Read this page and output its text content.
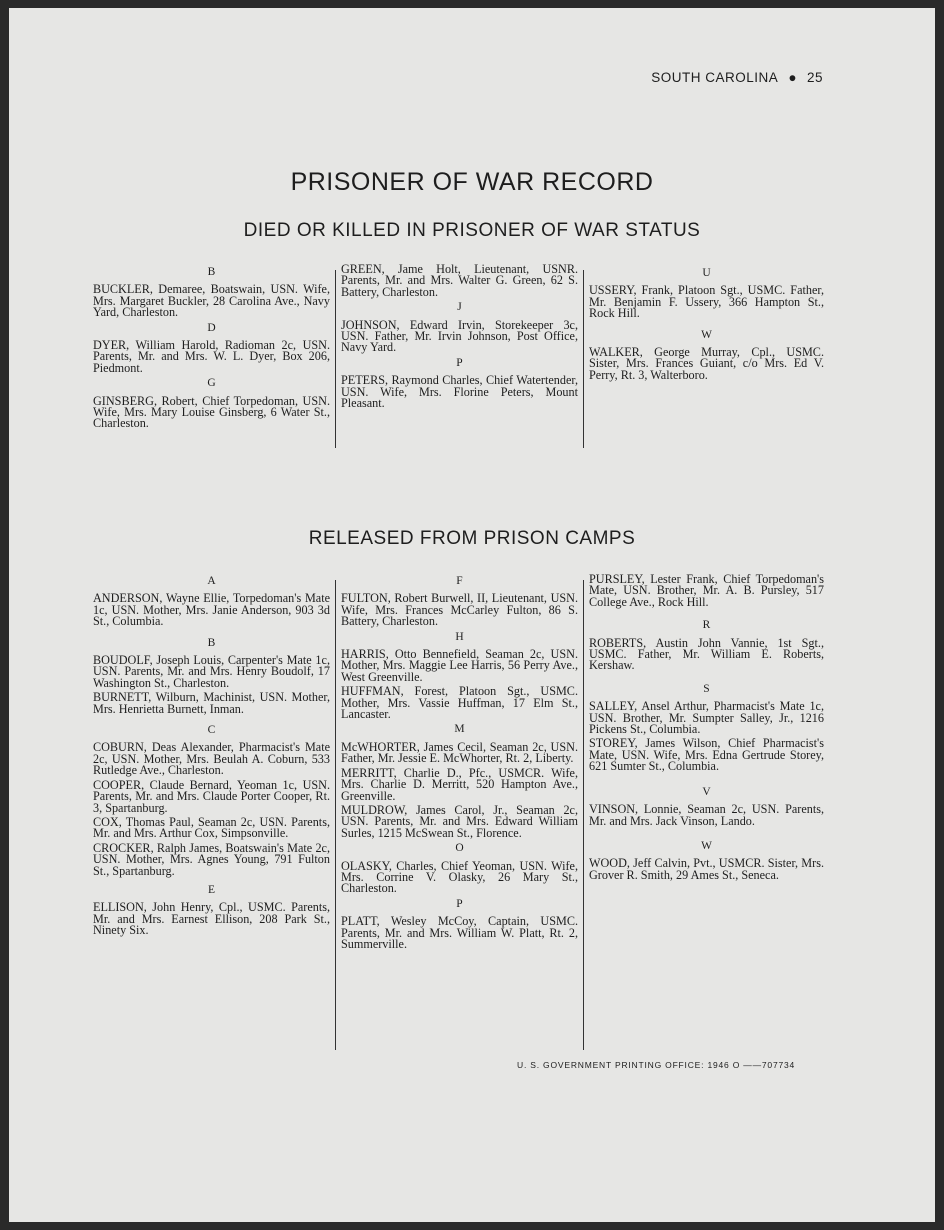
SOUTH CAROLINA ● 25
PRISONER OF WAR RECORD
DIED OR KILLED IN PRISONER OF WAR STATUS
B
BUCKLER, Demaree, Boatswain, USN. Wife, Mrs. Margaret Buckler, 28 Carolina Ave., Navy Yard, Charleston.
D
DYER, William Harold, Radioman 2c, USN. Parents, Mr. and Mrs. W. L. Dyer, Box 206, Piedmont.
G
GINSBERG, Robert, Chief Torpedoman, USN. Wife, Mrs. Mary Louise Ginsberg, 6 Water St., Charleston.
GREEN, Jame Holt, Lieutenant, USNR. Parents, Mr. and Mrs. Walter G. Green, 62 S. Battery, Charleston.
J
JOHNSON, Edward Irvin, Storekeeper 3c, USN. Father, Mr. Irvin Johnson, Post Office, Navy Yard.
P
PETERS, Raymond Charles, Chief Watertender, USN. Wife, Mrs. Florine Peters, Mount Pleasant.
U
USSERY, Frank, Platoon Sgt., USMC. Father, Mr. Benjamin F. Ussery, 366 Hampton St., Rock Hill.
W
WALKER, George Murray, Cpl., USMC. Sister, Mrs. Frances Guiant, c/o Mrs. Ed V. Perry, Rt. 3, Walterboro.
RELEASED FROM PRISON CAMPS
A
ANDERSON, Wayne Ellie, Torpedoman's Mate 1c, USN. Mother, Mrs. Janie Anderson, 903 3d St., Columbia.
B
BOUDOLF, Joseph Louis, Carpenter's Mate 1c, USN. Parents, Mr. and Mrs. Henry Boudolf, 17 Washington St., Charleston.
BURNETT, Wilburn, Machinist, USN. Mother, Mrs. Henrietta Burnett, Inman.
C
COBURN, Deas Alexander, Pharmacist's Mate 2c, USN. Mother, Mrs. Beulah A. Coburn, 533 Rutledge Ave., Charleston.
COOPER, Claude Bernard, Yeoman 1c, USN. Parents, Mr. and Mrs. Claude Porter Cooper, Rt. 3, Spartanburg.
COX, Thomas Paul, Seaman 2c, USN. Parents, Mr. and Mrs. Arthur Cox, Simpsonville.
CROCKER, Ralph James, Boatswain's Mate 2c, USN. Mother, Mrs. Agnes Young, 791 Fulton St., Spartanburg.
E
ELLISON, John Henry, Cpl., USMC. Parents, Mr. and Mrs. Earnest Ellison, 208 Park St., Ninety Six.
F
FULTON, Robert Burwell, II, Lieutenant, USN. Wife, Mrs. Frances McCarley Fulton, 86 S. Battery, Charleston.
H
HARRIS, Otto Bennefield, Seaman 2c, USN. Mother, Mrs. Maggie Lee Harris, 56 Perry Ave., West Greenville.
HUFFMAN, Forest, Platoon Sgt., USMC. Mother, Mrs. Vassie Huffman, 17 Elm St., Lancaster.
M
McWHORTER, James Cecil, Seaman 2c, USN. Father, Mr. Jessie E. McWhorter, Rt. 2, Liberty.
MERRITT, Charlie D., Pfc., USMCR. Wife, Mrs. Charlie D. Merritt, 520 Hampton Ave., Greenville.
MULDROW, James Carol, Jr., Seaman 2c, USN. Parents, Mr. and Mrs. Edward William Surles, 1215 McSwean St., Florence.
O
OLASKY, Charles, Chief Yeoman, USN. Wife, Mrs. Corrine V. Olasky, 26 Mary St., Charleston.
P
PLATT, Wesley McCoy, Captain, USMC. Parents, Mr. and Mrs. William W. Platt, Rt. 2, Summerville.
PURSLEY, Lester Frank, Chief Torpedoman's Mate, USN. Brother, Mr. A. B. Pursley, 517 College Ave., Rock Hill.
R
ROBERTS, Austin John Vannie, 1st Sgt., USMC. Father, Mr. William E. Roberts, Kershaw.
S
SALLEY, Ansel Arthur, Pharmacist's Mate 1c, USN. Brother, Mr. Sumpter Salley, Jr., 1216 Pickens St., Columbia.
STOREY, James Wilson, Chief Pharmacist's Mate, USN. Wife, Mrs. Edna Gertrude Storey, 621 Sumter St., Columbia.
V
VINSON, Lonnie, Seaman 2c, USN. Parents, Mr. and Mrs. Jack Vinson, Lando.
W
WOOD, Jeff Calvin, Pvt., USMCR. Sister, Mrs. Grover R. Smith, 29 Ames St., Seneca.
U. S. GOVERNMENT PRINTING OFFICE: 1946 O ——707734
